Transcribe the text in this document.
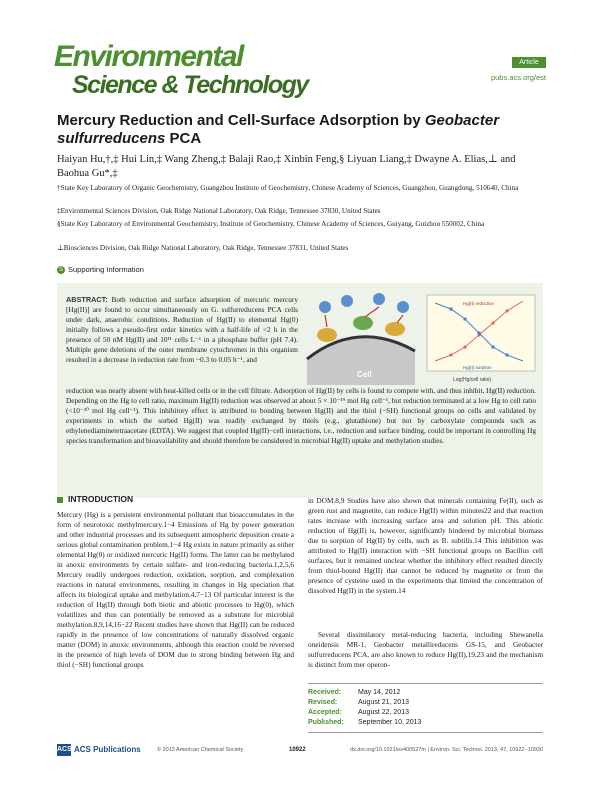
Environmental
Science & Technology
Article
pubs.acs.org/est
Mercury Reduction and Cell-Surface Adsorption by Geobacter sulfurreducens PCA

Haiyan Hu,†,‡ Hui Lin,‡ Wang Zheng,‡ Balaji Rao,‡ Xinbin Feng,§ Liyuan Liang,‡ Dwayne A. Elias,⊥ and Baohua Gu*,‡

†State Key Laboratory of Organic Geochemistry, Guangzhou Institute of Geochemistry, Chinese Academy of Sciences, Guangzhou, Guangdong, 510640, China

‡Environmental Sciences Division, Oak Ridge National Laboratory, Oak Ridge, Tennessee 37830, United States

§State Key Laboratory of Environmental Geochemistry, Institute of Geochemistry, Chinese Academy of Sciences, Guiyang, Guizhou 550002, China

⊥Biosciences Division, Oak Ridge National Laboratory, Oak Ridge, Tennessee 37831, United States

S Supporting Information

ABSTRACT: Both reduction and surface adsorption of mercuric mercury [Hg(II)] are found to occur simultaneously on G. sulfurreducens PCA cells under dark, anaerobic conditions. Reduction of Hg(II) to elemental Hg(0) initially follows a pseudo-first order kinetics with a half-life of <2 h in the presence of 50 nM Hg(II) and 10¹¹ cells L⁻¹ in a phosphate buffer (pH 7.4). Multiple gene deletions of the outer membrane cytochromes in this organism resulted in a decrease in reduction rate from ~0.3 to 0.05 h⁻¹, and

reduction was nearly absent with heat-killed cells or in the cell filtrate. Adsorption of Hg(II) by cells is found to compete with, and thus inhibit, Hg(II) reduction. Depending on the Hg to cell ratio, maximum Hg(II) reduction was observed at about 5 × 10⁻¹⁹ mol Hg cell⁻¹, but reduction terminated at a low Hg to cell ratio (<10⁻²⁰ mol Hg cell⁻¹). This inhibitory effect is attributed to bonding between Hg(II) and the thiol (−SH) functional groups on cells and validated by experiments in which the sorbed Hg(II) was readily exchanged by thiols (e.g., glutathione) but not by carboxylate compounds such as ethylenediaminetetraacetate (EDTA). We suggest that coupled Hg(II)−cell interactions, i.e., reduction and surface binding, could be important in controlling Hg species transformation and bioavailability and should therefore be considered in microbial Hg(II) uptake and methylation studies.

Cell
Hg(II) reduction
Hg(II) sorption
Log(Hg/cell ratio)
INTRODUCTION

Mercury (Hg) is a persistent environmental pollutant that bioaccumulates in the form of neurotoxic methylmercury.1−4 Emissions of Hg by power generation and other industrial processes and its subsequent atmospheric deposition create a serious global contamination problem.1−4 Hg exists in nature primarily as either elemental Hg(0) or oxidized mercuric Hg(II) forms. The latter can be methylated in anoxic environments by certain sulfate- and iron-reducing bacteria.1,2,5,6 Mercury readily undergoes reduction, oxidation, sorption, and complexation reactions in natural environments, resulting in changes in Hg speciation that affects its biological uptake and methylation.4,7−13 Of particular interest is the reduction of Hg(II) through both biotic and abiotic processes to Hg(0), which volatilizes and thus can potentially be removed as a substrate for microbial methylation.8,9,14,16−22 Recent studies have shown that Hg(II) can be reduced rapidly in the presence of low concentrations of naturally dissolved organic matter (DOM) in anoxic environments, although this reaction could be reversed in the presence of high levels of DOM due to strong binding between Hg and thiol (−SH) functional groups

in DOM.8,9 Studies have also shown that minerals containing Fe(II), such as green rust and magnetite, can reduce Hg(II) within minutes22 and that reaction rates increase with increasing surface area and solution pH. This abiotic reduction of Hg(II) is, however, significantly hindered by microbial biomass due to sorption of Hg(II) by cells, such as B. subtilis.14 This inhibition was attributed to Hg(II) interaction with −SH functional groups on Bacillus cell surfaces, but it remained unclear whether the inhibitory effect resulted directly from thiol-bound Hg(II) that cannot be reduced by magnetite or from the presence of cysteine used in the experiments that limited the concentration of dissolved Hg(II) in the system.14

Several dissimilatory metal-reducing bacteria, including Shewanella oneidensis MR-1, Geobacter metallireducens GS-15, and Geobacter sulfurreducens PCA, are also known to reduce Hg(II),19,23 and the mechanism is distinct from mer operon-

Received: May 14, 2012
Revised:	August 21, 2013
Accepted: August 22, 2013
Published: September 10, 2013
ACS ACS Publications	© 2013 American Chemical Society	10922	dx.doi.org/10.1021/es400527m | Environ. Sci. Technol. 2013, 47, 10922−10930
